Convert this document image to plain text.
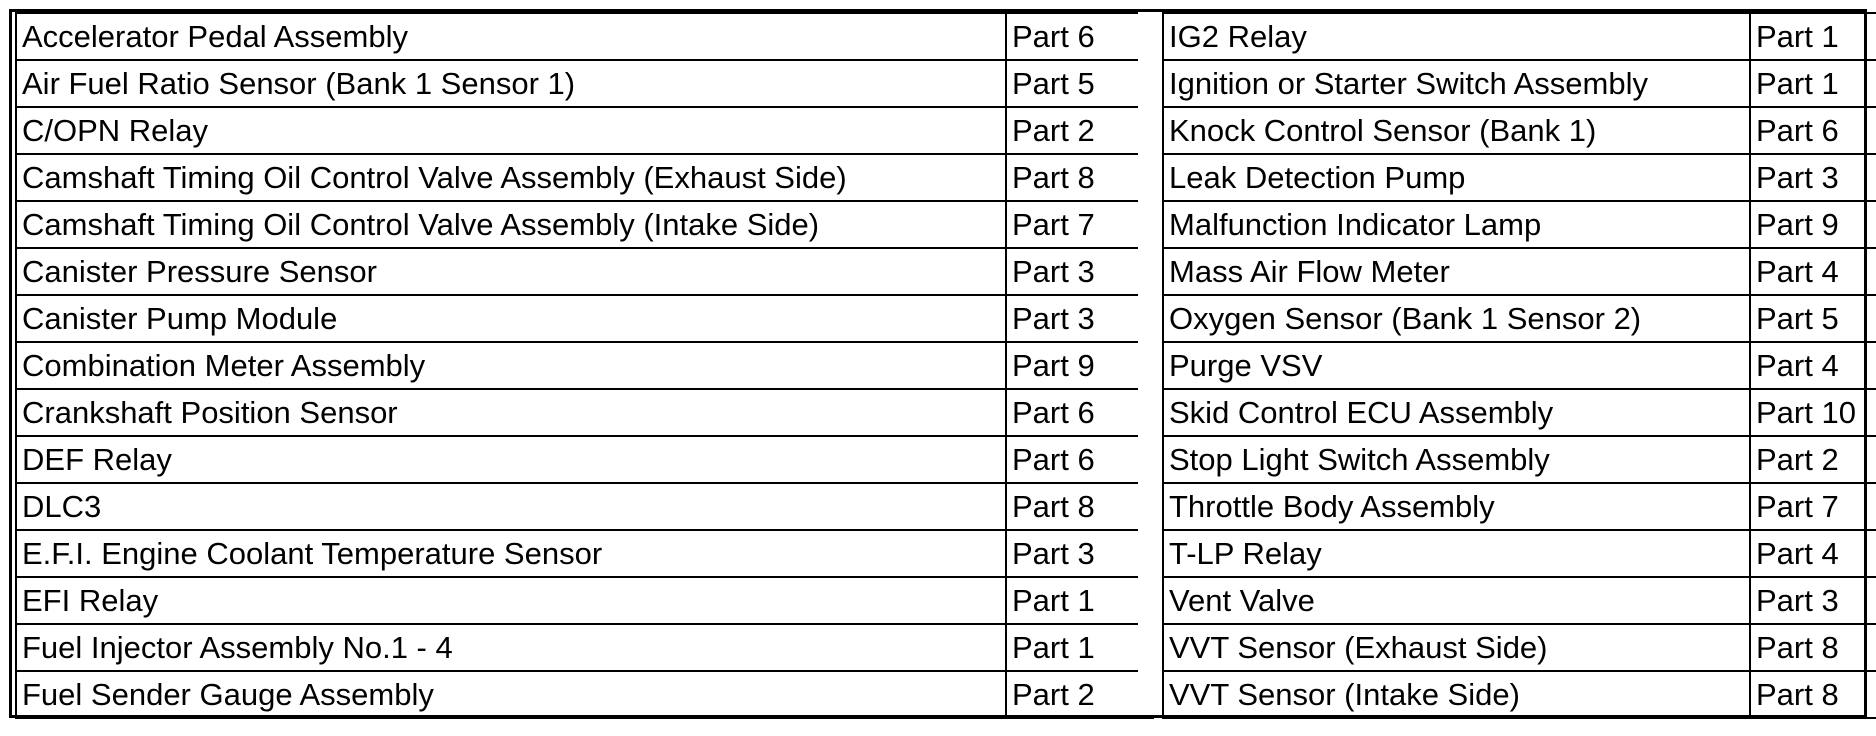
Accelerator Pedal Assembly	Part 6
Air Fuel Ratio Sensor (Bank 1 Sensor 1)	Part 5
C/OPN Relay	Part 2
Camshaft Timing Oil Control Valve Assembly (Exhaust Side)	Part 8
Camshaft Timing Oil Control Valve Assembly (Intake Side)	Part 7
Canister Pressure Sensor	Part 3
Canister Pump Module	Part 3
Combination Meter Assembly	Part 9
Crankshaft Position Sensor	Part 6
DEF Relay	Part 6
DLC3	Part 8
E.F.I. Engine Coolant Temperature Sensor	Part 3
EFI Relay	Part 1
Fuel Injector Assembly No.1 - 4	Part 1
Fuel Sender Gauge Assembly	Part 2
IG2 Relay	Part 1
Ignition or Starter Switch Assembly	Part 1
Knock Control Sensor (Bank 1)	Part 6
Leak Detection Pump	Part 3
Malfunction Indicator Lamp	Part 9
Mass Air Flow Meter	Part 4
Oxygen Sensor (Bank 1 Sensor 2)	Part 5
Purge VSV	Part 4
Skid Control ECU Assembly	Part 10
Stop Light Switch Assembly	Part 2
Throttle Body Assembly	Part 7
T-LP Relay	Part 4
Vent Valve	Part 3
VVT Sensor (Exhaust Side)	Part 8
VVT Sensor (Intake Side)	Part 8
